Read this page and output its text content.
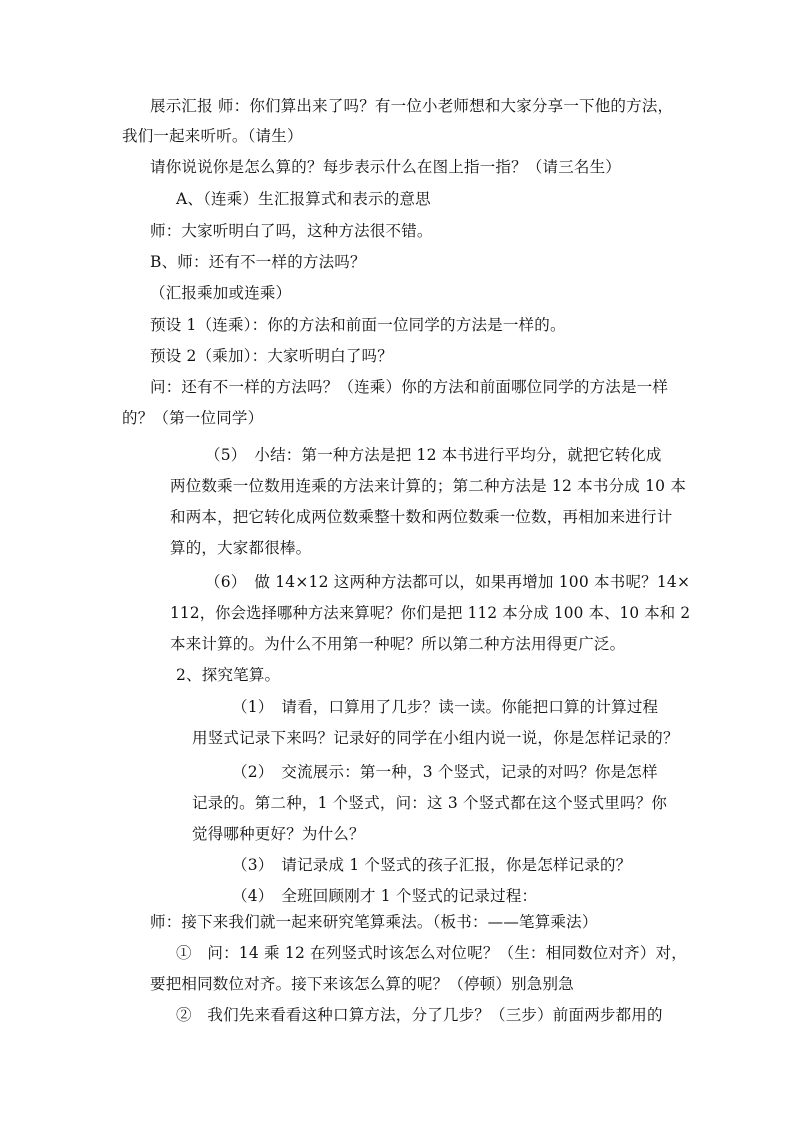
展示汇报 师：你们算出来了吗？有一位小老师想和大家分享一下他的方法，
我们一起来听听。（请生）
请你说说你是怎么算的？每步表示什么在图上指一指？（请三名生）
A、（连乘）生汇报算式和表示的意思
师：大家听明白了吗，这种方法很不错。
B、师：还有不一样的方法吗？
（汇报乘加或连乘）
预设 1（连乘）：你的方法和前面一位同学的方法是一样的。
预设 2（乘加）：大家听明白了吗？
问：还有不一样的方法吗？（连乘）你的方法和前面哪位同学的方法是一样
的？（第一位同学）
（5）　小结：第一种方法是把 12 本书进行平均分，就把它转化成
两位数乘一位数用连乘的方法来计算的；第二种方法是 12 本书分成 10 本
和两本，把它转化成两位数乘整十数和两位数乘一位数，再相加来进行计
算的，大家都很棒。
（6）　做 14×12 这两种方法都可以，如果再增加 100 本书呢？14×
112，你会选择哪种方法来算呢？你们是把 112 本分成 100 本、10 本和 2
本来计算的。为什么不用第一种呢？所以第二种方法用得更广泛。
2、探究笔算。
（1）　请看，口算用了几步？读一读。你能把口算的计算过程
用竖式记录下来吗？记录好的同学在小组内说一说，你是怎样记录的？
（2）　交流展示：第一种，3 个竖式，记录的对吗？你是怎样
记录的。第二种，1 个竖式，问：这 3 个竖式都在这个竖式里吗？你
觉得哪种更好？为什么？
（3）　请记录成 1 个竖式的孩子汇报，你是怎样记录的？
（4）　全班回顾刚才 1 个竖式的记录过程：
师：接下来我们就一起来研究笔算乘法。（板书：——笔算乘法）
①　问：14 乘 12 在列竖式时该怎么对位呢？（生：相同数位对齐）对，
要把相同数位对齐。接下来该怎么算的呢？（停顿）别急别急
②　我们先来看看这种口算方法，分了几步？（三步）前面两步都用的
